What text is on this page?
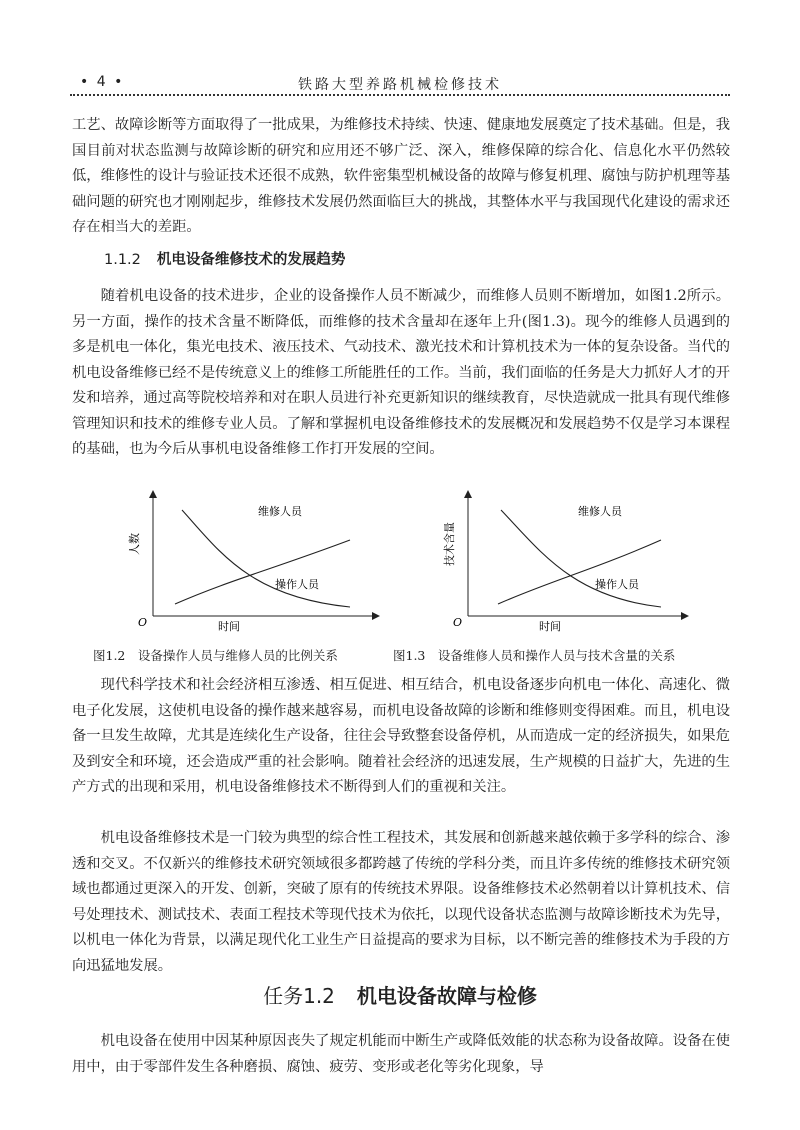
• 4 •	铁路大型养路机械检修技术

工艺、故障诊断等方面取得了一批成果，为维修技术持续、快速、健康地发展奠定了技术基础。但是，我国目前对状态监测与故障诊断的研究和应用还不够广泛、深入，维修保障的综合化、信息化水平仍然较低，维修性的设计与验证技术还很不成熟，软件密集型机械设备的故障与修复机理、腐蚀与防护机理等基础问题的研究也才刚刚起步，维修技术发展仍然面临巨大的挑战，其整体水平与我国现代化建设的需求还存在相当大的差距。

1.1.2 机电设备维修技术的发展趋势

随着机电设备的技术进步，企业的设备操作人员不断减少，而维修人员则不断增加，如图1.2所示。另一方面，操作的技术含量不断降低，而维修的技术含量却在逐年上升(图1.3)。现今的维修人员遇到的多是机电一体化，集光电技术、液压技术、气动技术、激光技术和计算机技术为一体的复杂设备。当代的机电设备维修已经不是传统意义上的维修工所能胜任的工作。当前，我们面临的任务是大力抓好人才的开发和培养，通过高等院校培养和对在职人员进行补充更新知识的继续教育，尽快造就成一批具有现代维修管理知识和技术的维修专业人员。了解和掌握机电设备维修技术的发展概况和发展趋势不仅是学习本课程的基础，也为今后从事机电设备维修工作打开发展的空间。

人数
时间
O
维修人员
操作人员
技术含量
时间
O
维修人员
操作人员
图1.2　设备操作人员与维修人员的比例关系	图1.3　设备维修人员和操作人员与技术含量的关系

现代科学技术和社会经济相互渗透、相互促进、相互结合，机电设备逐步向机电一体化、高速化、微电子化发展，这使机电设备的操作越来越容易，而机电设备故障的诊断和维修则变得困难。而且，机电设备一旦发生故障，尤其是连续化生产设备，往往会导致整套设备停机，从而造成一定的经济损失，如果危及到安全和环境，还会造成严重的社会影响。随着社会经济的迅速发展，生产规模的日益扩大，先进的生产方式的出现和采用，机电设备维修技术不断得到人们的重视和关注。

机电设备维修技术是一门较为典型的综合性工程技术，其发展和创新越来越依赖于多学科的综合、渗透和交叉。不仅新兴的维修技术研究领域很多都跨越了传统的学科分类，而且许多传统的维修技术研究领域也都通过更深入的开发、创新，突破了原有的传统技术界限。设备维修技术必然朝着以计算机技术、信号处理技术、测试技术、表面工程技术等现代技术为依托，以现代设备状态监测与故障诊断技术为先导，以机电一体化为背景，以满足现代化工业生产日益提高的要求为目标，以不断完善的维修技术为手段的方向迅猛地发展。

任务1.2 机电设备故障与检修

机电设备在使用中因某种原因丧失了规定机能而中断生产或降低效能的状态称为设备故障。设备在使用中，由于零部件发生各种磨损、腐蚀、疲劳、变形或老化等劣化现象，导
